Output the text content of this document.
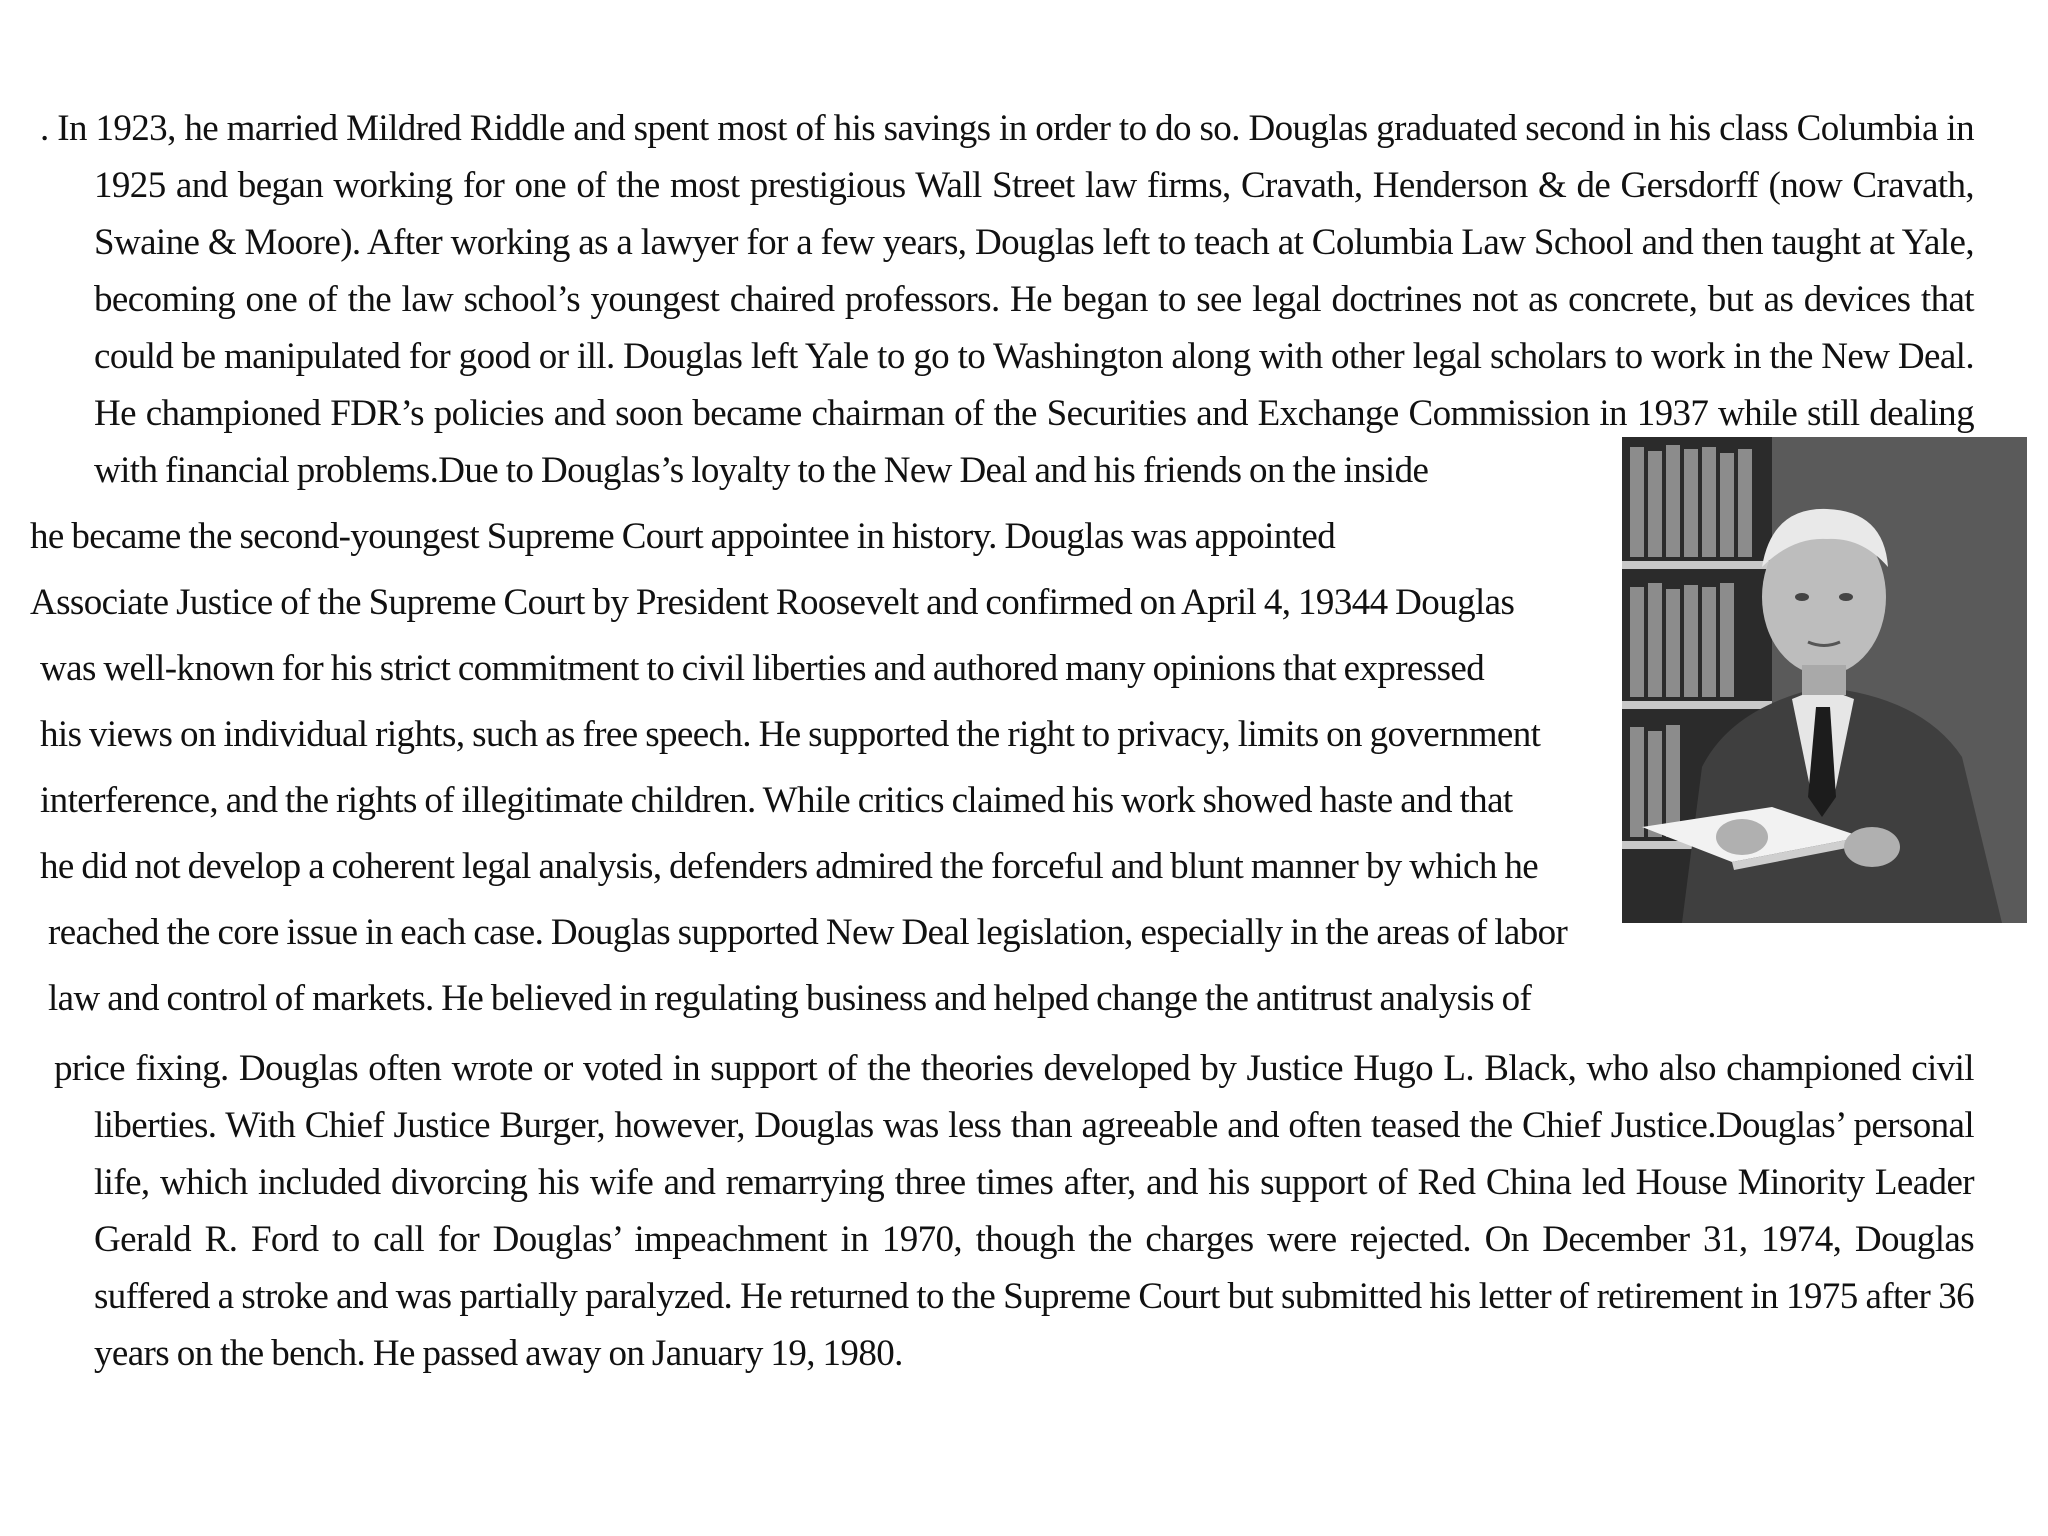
. In 1923, he married Mildred Riddle and spent most of his savings in order to do so. Douglas graduated second in his class Columbia in 1925 and began working for one of the most prestigious Wall Street law firms, Cravath, Henderson & de Gersdorff (now Cravath, Swaine & Moore). After working as a lawyer for a few years, Douglas left to teach at Columbia Law School and then taught at Yale, becoming one of the law school’s youngest chaired professors. He began to see legal doctrines not as concrete, but as devices that could be manipulated for good or ill. Douglas left Yale to go to Washington along with other legal scholars to work in the New Deal. He championed FDR’s policies and soon became chairman of the Securities and Exchange Commission in 1937 while still dealing with financial problems.Due to Douglas’s loyalty to the New Deal and his friends on the inside

he became the second-youngest Supreme Court appointee in history. Douglas was appointed

Associate Justice of the Supreme Court by President Roosevelt and confirmed on April 4, 19344 Douglas

was well-known for his strict commitment to civil liberties and authored many opinions that expressed

his views on individual rights, such as free speech. He supported the right to privacy, limits on government

interference, and the rights of illegitimate children. While critics claimed his work showed haste and that

he did not develop a coherent legal analysis, defenders admired the forceful and blunt manner by which he

reached the core issue in each case. Douglas supported New Deal legislation, especially in the areas of labor

law and control of markets. He believed in regulating business and helped change the antitrust analysis of

price fixing. Douglas often wrote or voted in support of the theories developed by Justice Hugo L. Black, who also championed civil liberties. With Chief Justice Burger, however, Douglas was less than agreeable and often teased the Chief Justice.Douglas’ personal life, which included divorcing his wife and remarrying three times after, and his support of Red China led House Minority Leader Gerald R. Ford to call for Douglas’ impeachment in 1970, though the charges were rejected. On December 31, 1974, Douglas suffered a stroke and was partially paralyzed. He returned to the Supreme Court but submitted his letter of retirement in 1975 after 36 years on the bench. He passed away on January 19, 1980.
